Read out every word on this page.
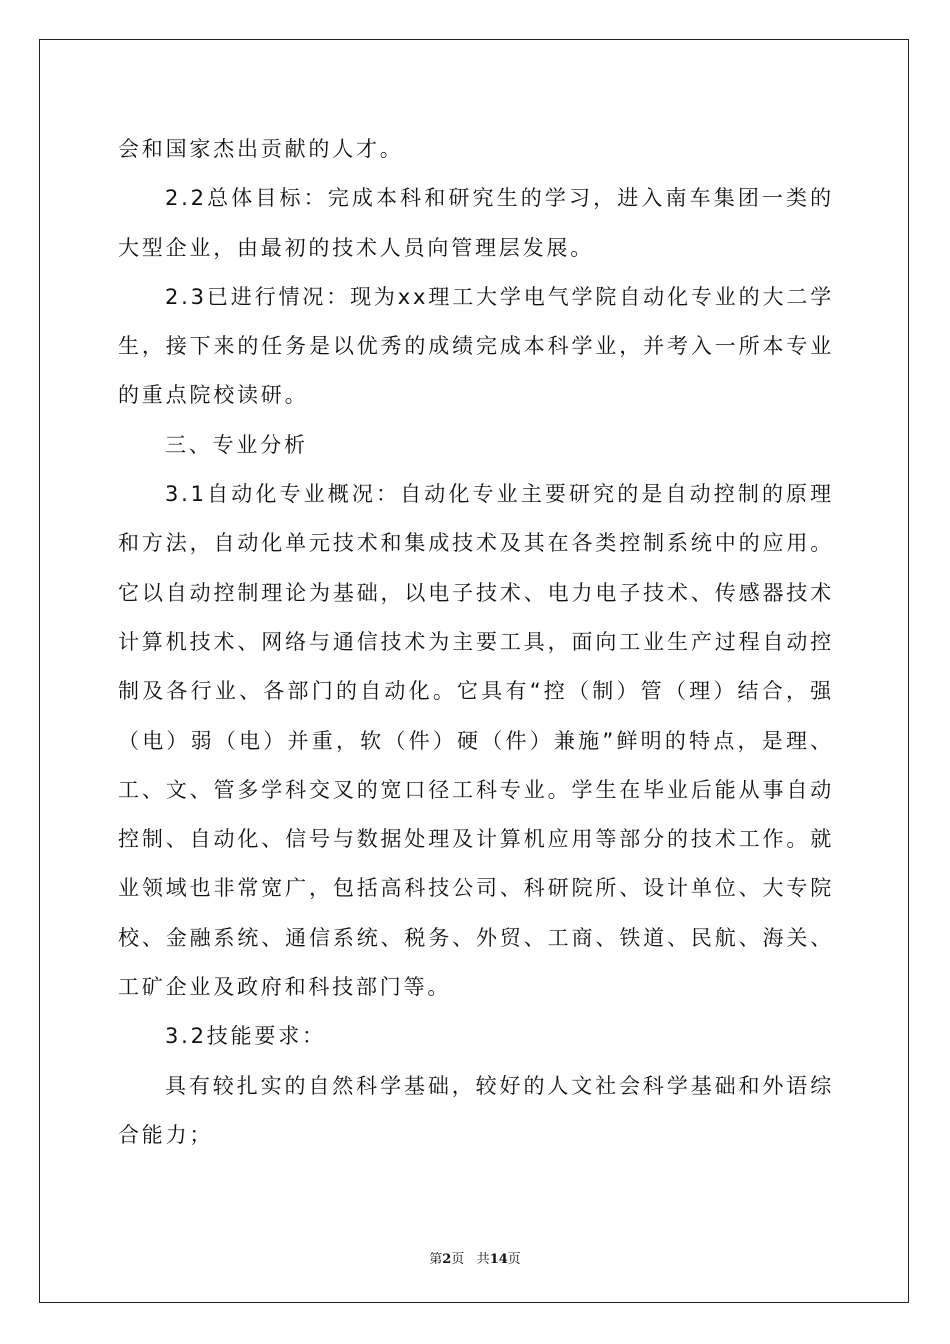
会和国家杰出贡献的人才。

2.2总体目标：完成本科和研究生的学习，进入南车集团一类的大型企业，由最初的技术人员向管理层发展。

2.3已进行情况：现为xx理工大学电气学院自动化专业的大二学生，接下来的任务是以优秀的成绩完成本科学业，并考入一所本专业的重点院校读研。

三、专业分析

3.1自动化专业概况：自动化专业主要研究的是自动控制的原理和方法，自动化单元技术和集成技术及其在各类控制系统中的应用。它以自动控制理论为基础，以电子技术、电力电子技术、传感器技术计算机技术、网络与通信技术为主要工具，面向工业生产过程自动控制及各行业、各部门的自动化。它具有“控（制）管（理）结合，强（电）弱（电）并重，软（件）硬（件）兼施”鲜明的特点，是理、工、文、管多学科交叉的宽口径工科专业。学生在毕业后能从事自动控制、自动化、信号与数据处理及计算机应用等部分的技术工作。就业领域也非常宽广，包括高科技公司、科研院所、设计单位、大专院校、金融系统、通信系统、税务、外贸、工商、铁道、民航、海关、工矿企业及政府和科技部门等。

3.2技能要求：

具有较扎实的自然科学基础，较好的人文社会科学基础和外语综合能力；

第2页 共14页
